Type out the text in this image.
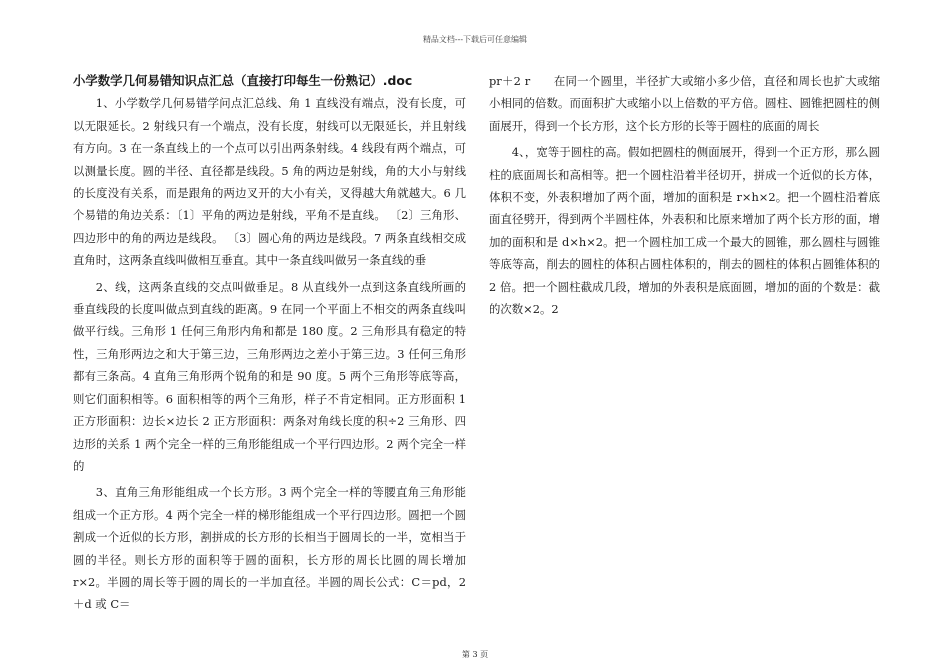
精品文档---下载后可任意编辑
小学数学几何易错知识点汇总（直接打印每生一份熟记）.doc

1、小学数学几何易错学问点汇总线、角 1 直线没有端点，没有长度，可以无限延长。2 射线只有一个端点，没有长度，射线可以无限延长，并且射线有方向。3 在一条直线上的一个点可以引出两条射线。4 线段有两个端点，可以测量长度。圆的半径、直径都是线段。5 角的两边是射线，角的大小与射线的长度没有关系，而是跟角的两边叉开的大小有关，叉得越大角就越大。6 几个易错的角边关系：〔1〕平角的两边是射线，平角不是直线。 〔2〕三角形、四边形中的角的两边是线段。 〔3〕圆心角的两边是线段。7 两条直线相交成直角时，这两条直线叫做相互垂直。其中一条直线叫做另一条直线的垂

2、线，这两条直线的交点叫做垂足。8 从直线外一点到这条直线所画的垂直线段的长度叫做点到直线的距离。9 在同一个平面上不相交的两条直线叫做平行线。三角形 1 任何三角形内角和都是 180 度。2 三角形具有稳定的特性，三角形两边之和大于第三边，三角形两边之差小于第三边。3 任何三角形都有三条高。4 直角三角形两个锐角的和是 90 度。5 两个三角形等底等高，则它们面积相等。6 面积相等的两个三角形，样子不肯定相同。正方形面积 1 正方形面积：边长×边长 2 正方形面积：两条对角线长度的积÷2 三角形、四边形的关系 1 两个完全一样的三角形能组成一个平行四边形。2 两个完全一样的

3、直角三角形能组成一个长方形。3 两个完全一样的等腰直角三角形能组成一个正方形。4 两个完全一样的梯形能组成一个平行四边形。圆把一个圆割成一个近似的长方形，割拼成的长方形的长相当于圆周长的一半，宽相当于圆的半径。则长方形的面积等于圆的面积，长方形的周长比圆的周长增加 r×2。半圆的周长等于圆的周长的一半加直径。半圆的周长公式：C＝pd，2＋d 或 C＝

pr＋2 r　　在同一个圆里，半径扩大或缩小多少倍，直径和周长也扩大或缩小相同的倍数。而面积扩大或缩小以上倍数的平方倍。圆柱、圆锥把圆柱的侧面展开，得到一个长方形，这个长方形的长等于圆柱的底面的周长

4、，宽等于圆柱的高。假如把圆柱的侧面展开，得到一个正方形，那么圆柱的底面周长和高相等。把一个圆柱沿着半径切开，拼成一个近似的长方体，体积不变，外表积增加了两个面，增加的面积是 r×h×2。把一个圆柱沿着底面直径劈开，得到两个半圆柱体，外表积和比原来增加了两个长方形的面，增加的面积和是 d×h×2。把一个圆柱加工成一个最大的圆锥，那么圆柱与圆锥等底等高，削去的圆柱的体积占圆柱体积的，削去的圆柱的体积占圆锥体积的 2 倍。把一个圆柱截成几段，增加的外表积是底面圆，增加的面的个数是：截的次数×2。2

第 3 页
